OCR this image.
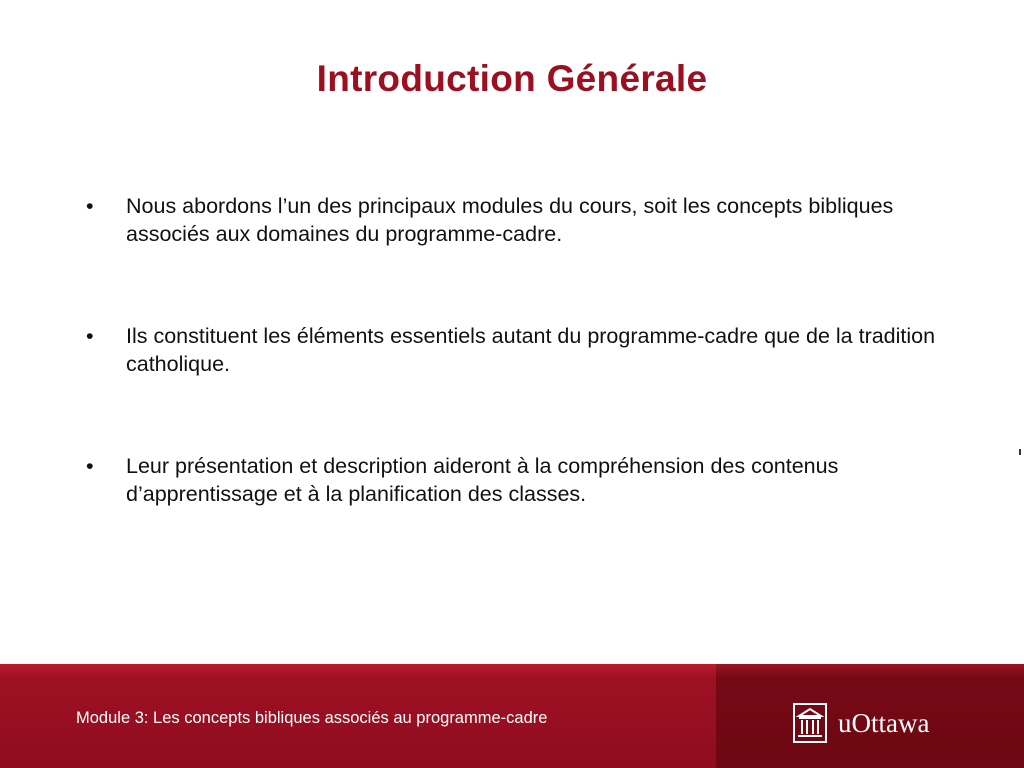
Introduction Générale
• Nous abordons l’un des principaux modules du cours, soit les concepts bibliques associés aux domaines du programme-cadre.
• Ils constituent les éléments essentiels autant du programme-cadre que de la tradition catholique.
• Leur présentation et description aideront à la compréhension des contenus d’apprentissage et à la planification des classes.
Module 3: Les concepts bibliques associés au programme-cadre	uOttawa
